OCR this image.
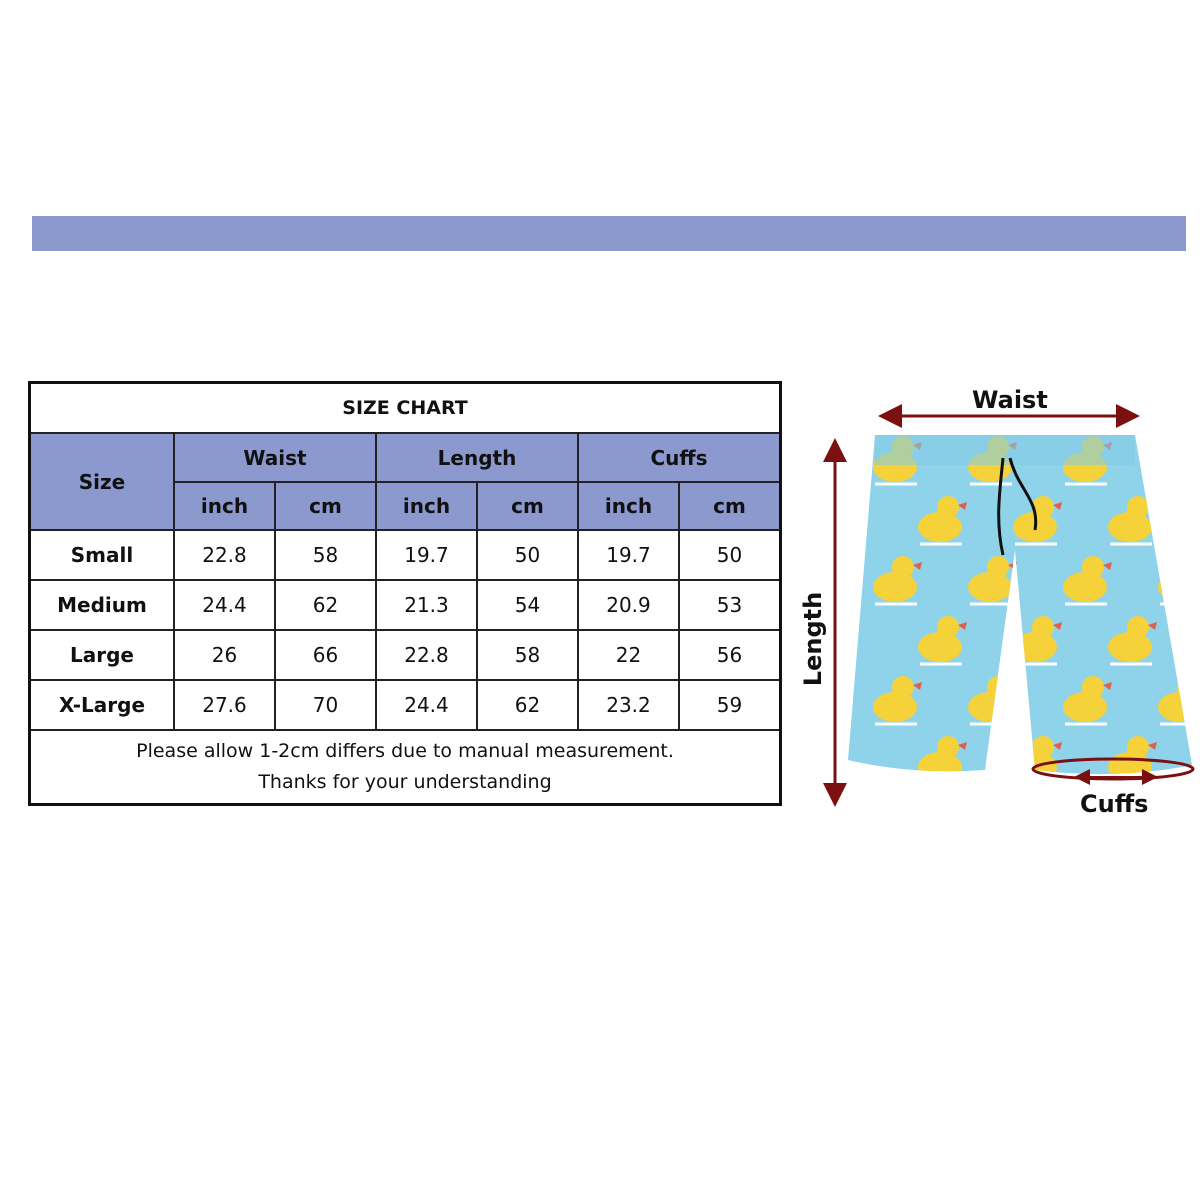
SIZE CHART						
Size	Waist		Length		Cuffs	
	inch	cm	inch	cm	inch	cm
Small	22.8	58	19.7	50	19.7	50
Medium	24.4	62	21.3	54	20.9	53
Large	26	66	22.8	58	22	56
X-Large	27.6	70	24.4	62	23.2	59

Please allow 1-2cm differs due to manual measurement.
Thanks for your understanding						
Waist
Length
Cuffs
